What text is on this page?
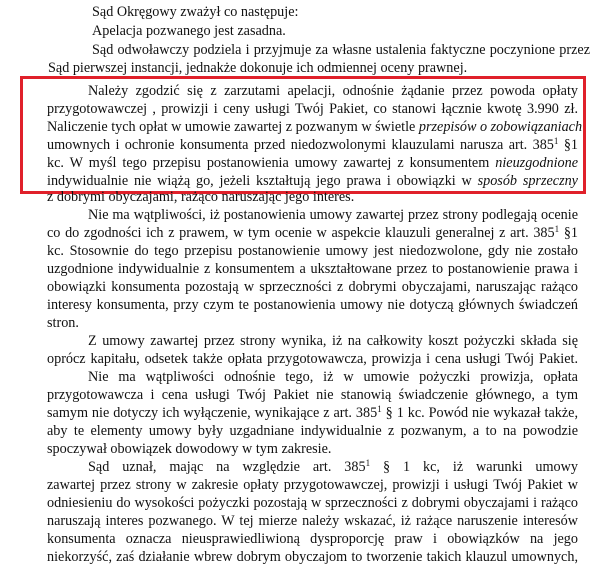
Sąd Okręgowy zważył co następuje:
Apelacja pozwanego jest zasadna.
Sąd odwoławczy podziela i przyjmuje za własne ustalenia faktyczne poczynione przez
Sąd pierwszej instancji, jednakże dokonuje ich odmiennej oceny prawnej.
Należy zgodzić się z zarzutami apelacji, odnośnie żądanie przez powoda opłaty
przygotowawczej , prowizji i ceny usługi Twój Pakiet, co stanowi łącznie kwotę 3.990 zł.
Naliczenie tych opłat w umowie zawartej z pozwanym w świetle przepisów o zobowiązaniach
umownych i ochronie konsumenta przed niedozwolonymi klauzulami narusza art. $385^1$ §1
kc. W myśl tego przepisu postanowienia umowy zawartej z konsumentem nieuzgodnione
indywidualnie nie wiążą go, jeżeli kształtują jego prawa i obowiązki w sposób sprzeczny
z dobrymi obyczajami, rażąco naruszając jego interes.
Nie ma wątpliwości, iż postanowienia umowy zawartej przez strony podlegają ocenie
co do zgodności ich z prawem, w tym ocenie w aspekcie klauzuli generalnej z art. $385^1$ §1
kc. Stosownie do tego przepisu postanowienie umowy jest niedozwolone, gdy nie zostało
uzgodnione indywidualnie z konsumentem a ukształtowane przez to postanowienie prawa i
obowiązki konsumenta pozostają w sprzeczności z dobrymi obyczajami, naruszając rażąco
interesy konsumenta, przy czym te postanowienia umowy nie dotyczą głównych świadczeń
stron.
Z umowy zawartej przez strony wynika, iż na całkowity koszt pożyczki składa się
oprócz kapitału, odsetek także opłata przygotowawcza, prowizja i cena usługi Twój Pakiet.
Nie ma wątpliwości odnośnie tego, iż w umowie pożyczki prowizja, opłata
przygotowawcza i cena usługi Twój Pakiet nie stanowią świadczenie głównego, a tym
samym nie dotyczy ich wyłączenie, wynikające z art. $385^1$ § 1 kc. Powód nie wykazał także,
aby te elementy umowy były uzgadniane indywidualnie z pozwanym, a to na powodzie
spoczywał obowiązek dowodowy w tym zakresie.
Sąd uznał, mając na względzie art. $385^1$ § 1 kc, iż warunki umowy
zawartej przez strony w zakresie opłaty przygotowawczej, prowizji i usługi Twój Pakiet w
odniesieniu do wysokości pożyczki pozostają w sprzeczności z dobrymi obyczajami i rażąco
naruszają interes pozwanego. W tej mierze należy wskazać, iż rażące naruszenie interesów
konsumenta oznacza nieusprawiedliwioną dysproporcję praw i obowiązków na jego
niekorzyść, zaś działanie wbrew dobrym obyczajom to tworzenie takich klauzul umownych,
